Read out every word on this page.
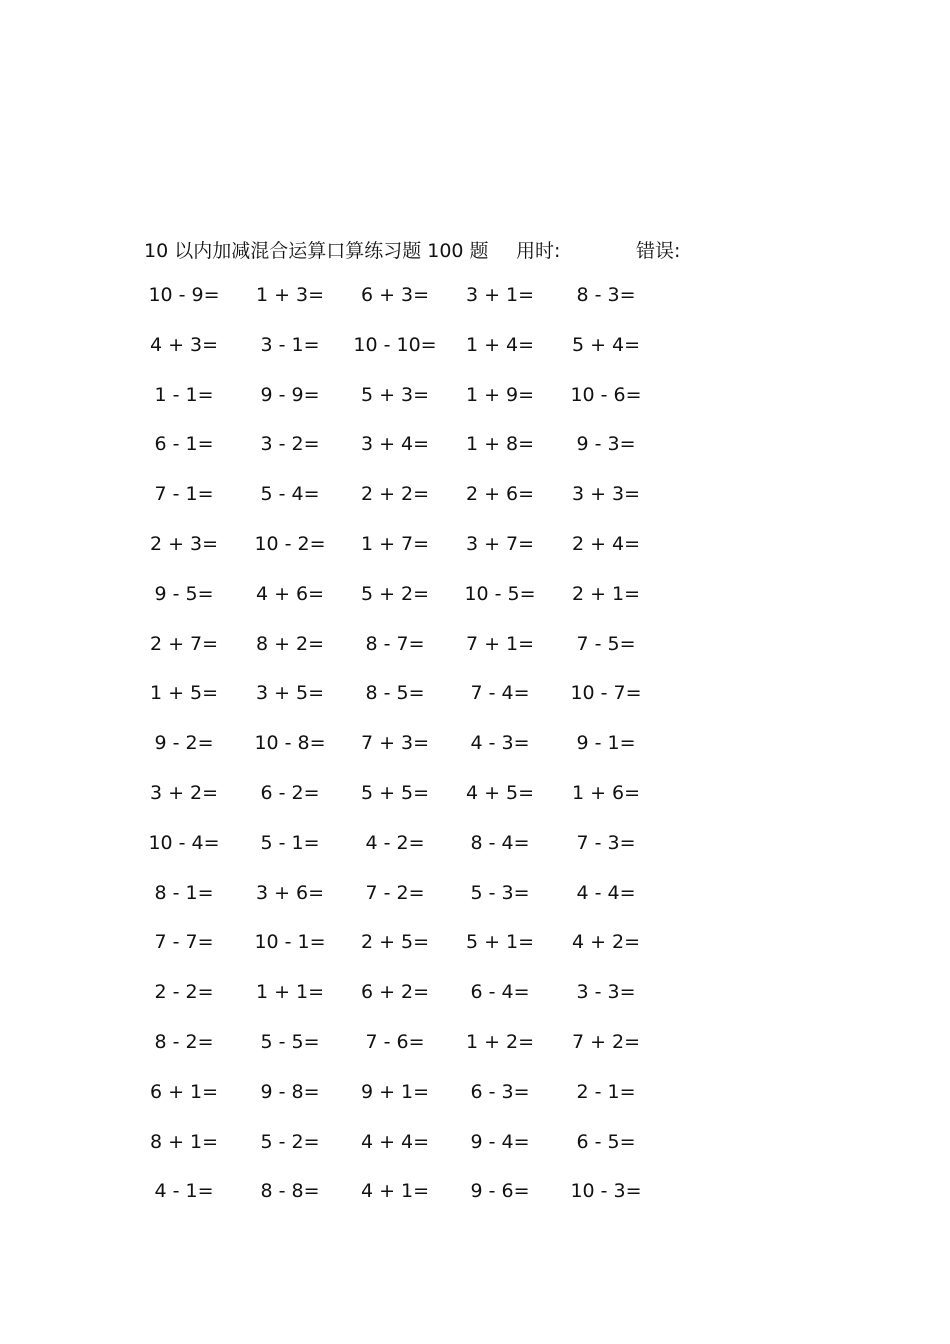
10 以内加减混合运算口算练习题 100 题 用时:	错误:
10 - 9=	1 + 3=	6 + 3=	3 + 1=	8 - 3=
4 + 3=	3 - 1=	10 - 10=	1 + 4=	5 + 4=
1 - 1=	9 - 9=	5 + 3=	1 + 9=	10 - 6=
6 - 1=	3 - 2=	3 + 4=	1 + 8=	9 - 3=
7 - 1=	5 - 4=	2 + 2=	2 + 6=	3 + 3=
2 + 3=	10 - 2=	1 + 7=	3 + 7=	2 + 4=
9 - 5=	4 + 6=	5 + 2=	10 - 5=	2 + 1=
2 + 7=	8 + 2=	8 - 7=	7 + 1=	7 - 5=
1 + 5=	3 + 5=	8 - 5=	7 - 4=	10 - 7=
9 - 2=	10 - 8=	7 + 3=	4 - 3=	9 - 1=
3 + 2=	6 - 2=	5 + 5=	4 + 5=	1 + 6=
10 - 4=	5 - 1=	4 - 2=	8 - 4=	7 - 3=
8 - 1=	3 + 6=	7 - 2=	5 - 3=	4 - 4=
7 - 7=	10 - 1=	2 + 5=	5 + 1=	4 + 2=
2 - 2=	1 + 1=	6 + 2=	6 - 4=	3 - 3=
8 - 2=	5 - 5=	7 - 6=	1 + 2=	7 + 2=
6 + 1=	9 - 8=	9 + 1=	6 - 3=	2 - 1=
8 + 1=	5 - 2=	4 + 4=	9 - 4=	6 - 5=
4 - 1=	8 - 8=	4 + 1=	9 - 6=	10 - 3=
